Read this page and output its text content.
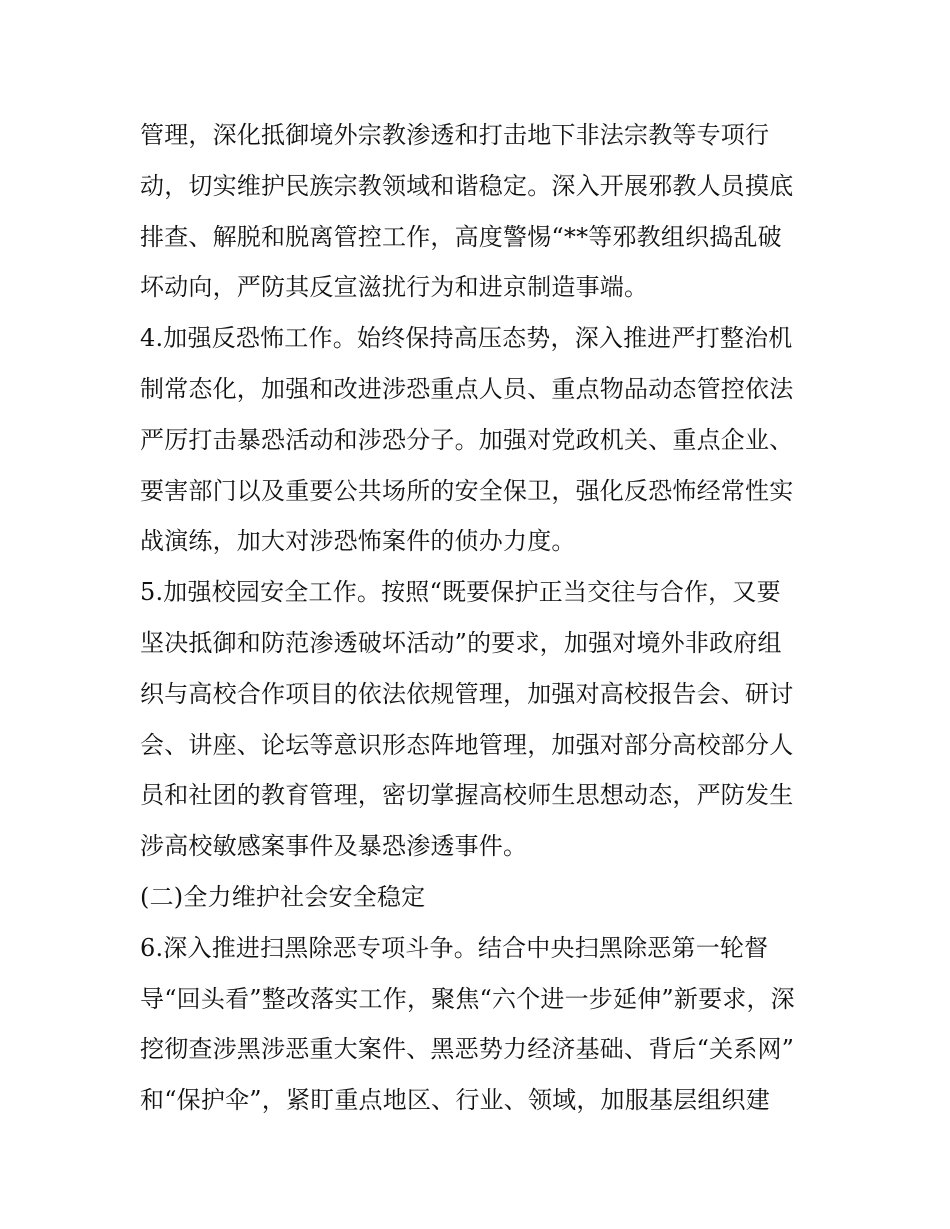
管理，深化抵御境外宗教渗透和打击地下非法宗教等专项行
动，切实维护民族宗教领域和谐稳定。深入开展邪教人员摸底
排查、解脱和脱离管控工作，高度警惕“**等邪教组织捣乱破
坏动向，严防其反宣滋扰行为和进京制造事端。
4.加强反恐怖工作。始终保持高压态势，深入推进严打整治机
制常态化，加强和改进涉恐重点人员、重点物品动态管控依法
严厉打击暴恐活动和涉恐分子。加强对党政机关、重点企业、
要害部门以及重要公共场所的安全保卫，强化反恐怖经常性实
战演练，加大对涉恐怖案件的侦办力度。
5.加强校园安全工作。按照“既要保护正当交往与合作，又要
坚决抵御和防范渗透破坏活动”的要求，加强对境外非政府组
织与高校合作项目的依法依规管理，加强对高校报告会、研讨
会、讲座、论坛等意识形态阵地管理，加强对部分高校部分人
员和社团的教育管理，密切掌握高校师生思想动态，严防发生
涉高校敏感案事件及暴恐渗透事件。
(二)全力维护社会安全稳定
6.深入推进扫黑除恶专项斗争。结合中央扫黑除恶第一轮督
导“回头看”整改落实工作，聚焦“六个进一步延伸”新要求，深
挖彻查涉黑涉恶重大案件、黑恶势力经济基础、背后“关系网”
和“保护伞”，紧盯重点地区、行业、领域，加服基层组织建
